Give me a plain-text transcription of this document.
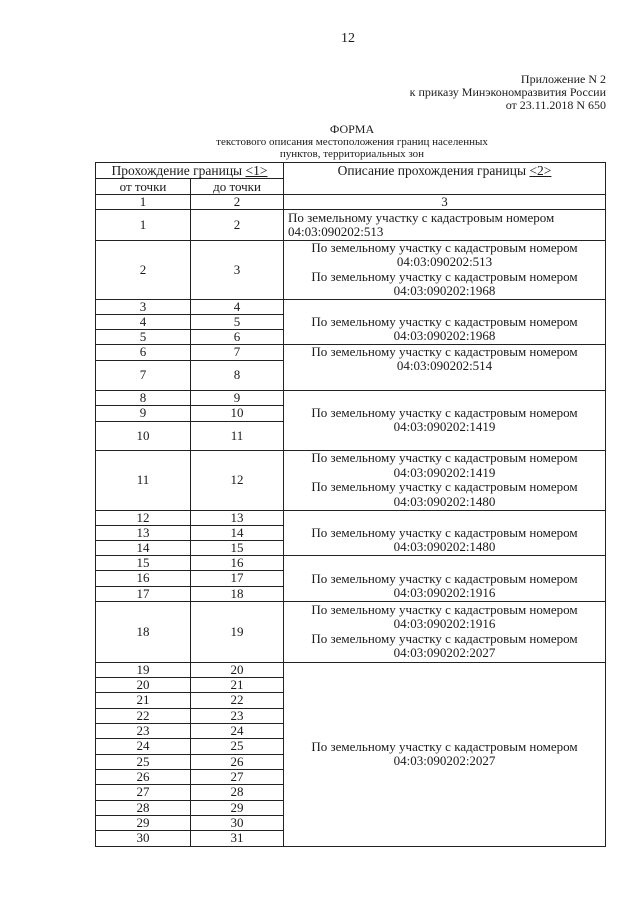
12
Приложение N 2
к приказу Минэкономразвития России
от 23.11.2018 N 650
ФОРМА
текстового описания местоположения границ населенных
пунктов, территориальных зон
Прохождение границы <1>		Описание прохождения границы <2>
от точки	до точки	
1	2	3
1	2	По земельному участку с кадастровым номером 04:03:090202:513

2	3	По земельному участку с кадастровым номером 04:03:090202:513
По земельному участку с кадастровым номером 04:03:090202:1968

3	4	По земельному участку с кадастровым номером 04:03:090202:1968

4	5	
5	6	
6	7	По земельному участку с кадастровым номером 04:03:090202:514

7	8	
8	9	По земельному участку с кадастровым номером 04:03:090202:1419

9	10	
10	11	
11	12	По земельному участку с кадастровым номером 04:03:090202:1419
По земельному участку с кадастровым номером 04:03:090202:1480

12	13	По земельному участку с кадастровым номером 04:03:090202:1480

13	14	
14	15	
15	16	По земельному участку с кадастровым номером 04:03:090202:1916

16	17	
17	18	
18	19	По земельному участку с кадастровым номером 04:03:090202:1916
По земельному участку с кадастровым номером 04:03:090202:2027

19	20	По земельному участку с кадастровым номером 04:03:090202:2027

20	21	
21	22	
22	23	
23	24	
24	25	
25	26	
26	27	
27	28	
28	29	
29	30	
30	31	
